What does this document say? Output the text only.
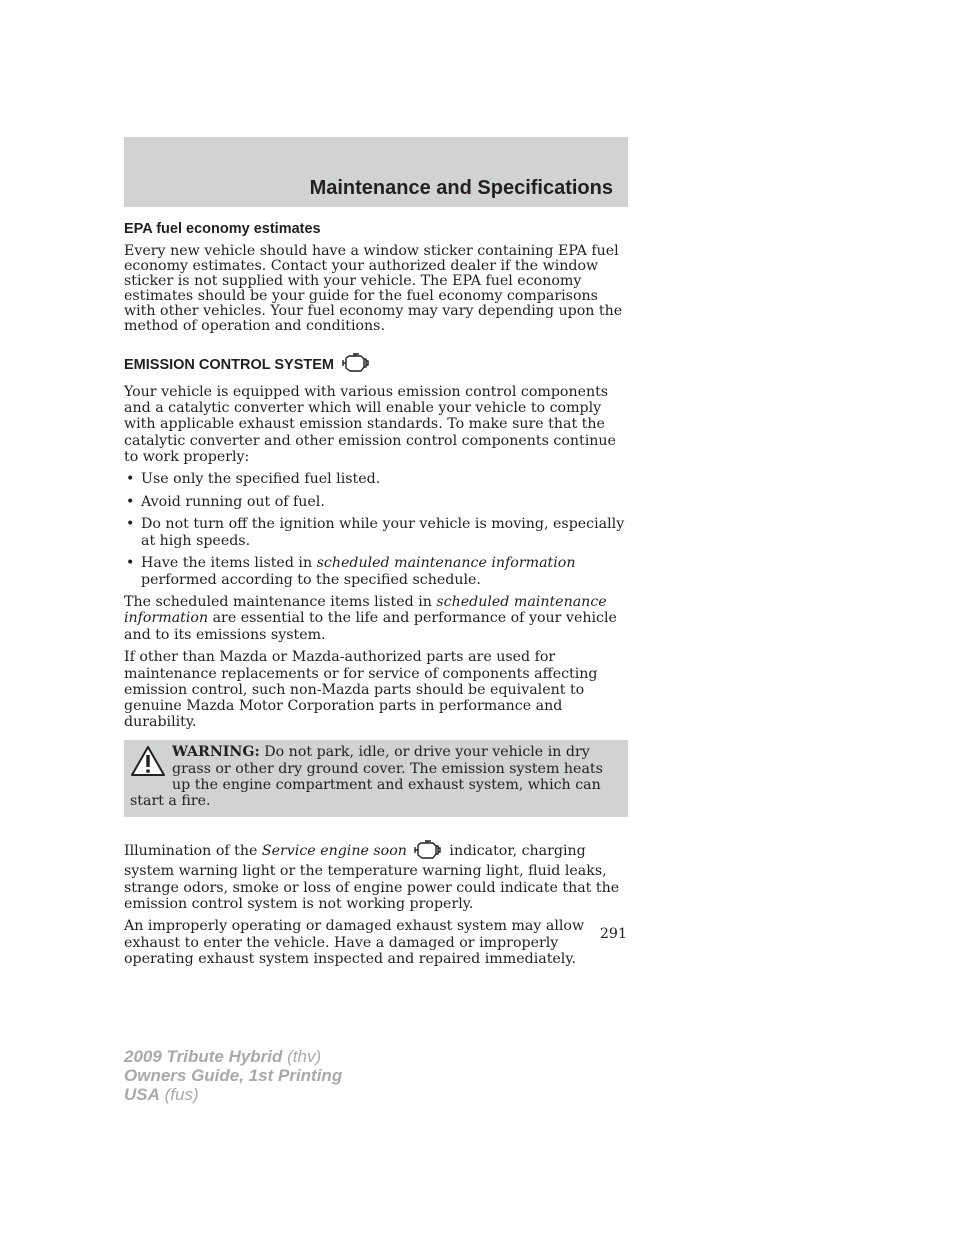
Maintenance and Specifications
EPA fuel economy estimates

Every new vehicle should have a window sticker containing EPA fuel economy estimates. Contact your authorized dealer if the window sticker is not supplied with your vehicle. The EPA fuel economy estimates should be your guide for the fuel economy comparisons with other vehicles. Your fuel economy may vary depending upon the method of operation and conditions.

EMISSION CONTROL SYSTEM

Your vehicle is equipped with various emission control components and a catalytic converter which will enable your vehicle to comply with applicable exhaust emission standards. To make sure that the catalytic converter and other emission control components continue to work properly:

• Use only the specified fuel listed.
• Avoid running out of fuel.
• Do not turn off the ignition while your vehicle is moving, especially at high speeds.
• Have the items listed in scheduled maintenance information performed according to the specified schedule.

The scheduled maintenance items listed in scheduled maintenance information are essential to the life and performance of your vehicle and to its emissions system.

If other than Mazda or Mazda-authorized parts are used for maintenance replacements or for service of components affecting emission control, such non-Mazda parts should be equivalent to genuine Mazda Motor Corporation parts in performance and durability.

WARNING: Do not park, idle, or drive your vehicle in dry grass or other dry ground cover. The emission system heats up the engine compartment and exhaust system, which can start a fire.

Illumination of the Service engine soon	indicator, charging system warning light or the temperature warning light, fluid leaks, strange odors, smoke or loss of engine power could indicate that the emission control system is not working properly.

An improperly operating or damaged exhaust system may allow exhaust to enter the vehicle. Have a damaged or improperly operating exhaust system inspected and repaired immediately.

291
2009 Tribute Hybrid (thv)
Owners Guide, 1st Printing
USA (fus)
